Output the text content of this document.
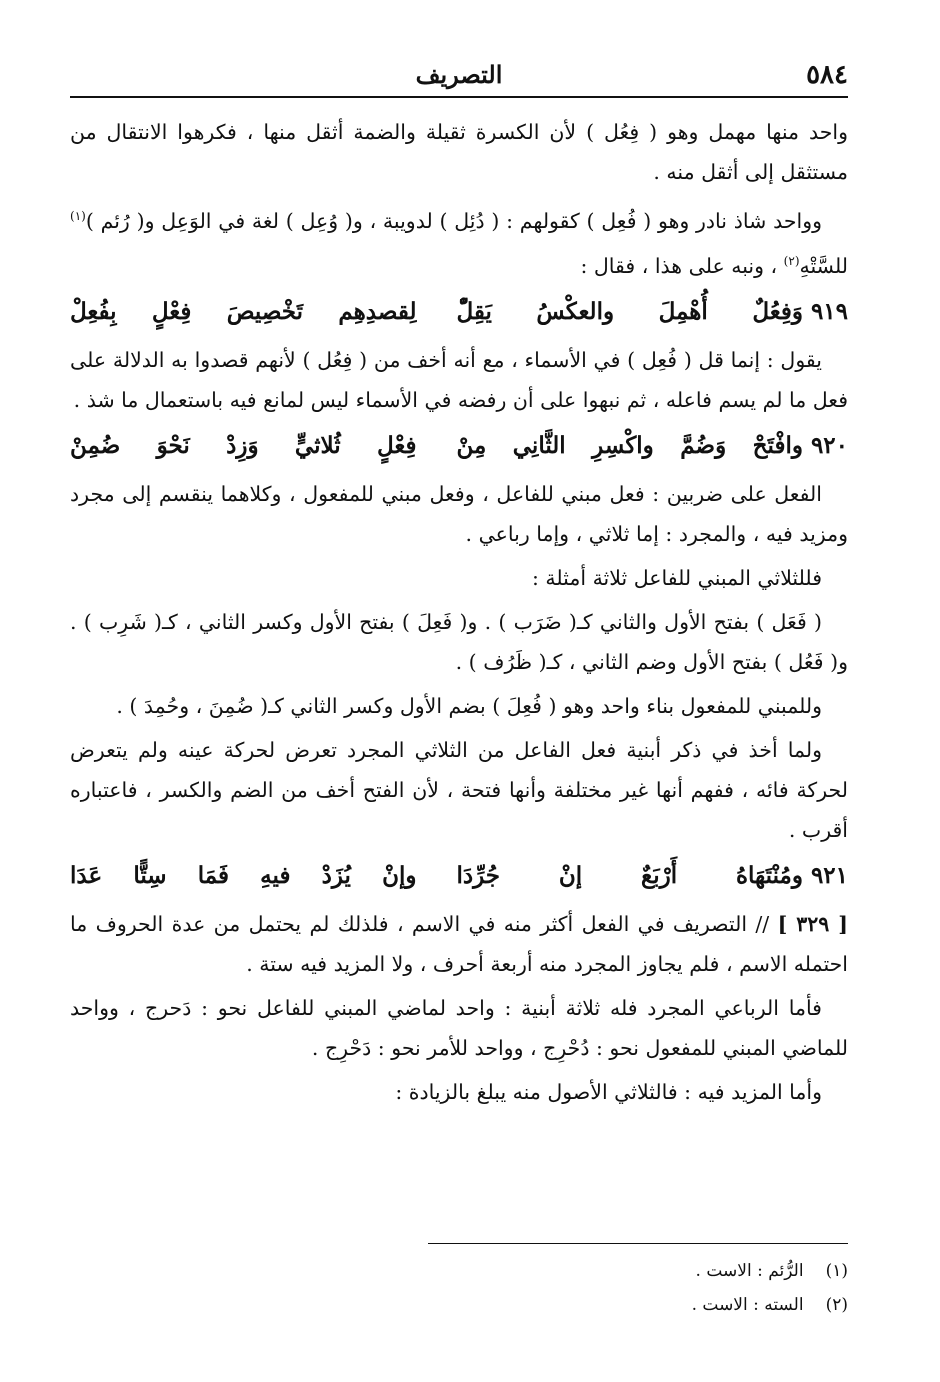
٥٨٤
التصريف

واحد منها مهمل وهو ( فِعُل ) لأن الكسرة ثقيلة والضمة أثقل منها ، فكرهوا الانتقال من مستثقل إلى أثقل منه .

وواحد شاذ نادر وهو ( فُعِل ) كقولهم : ( دُئِل ) لدويبة ، و( وُعِل ) لغة في الوَعِل و( رُئم )$^{(١)}$ للسَّتْهِ$^{(٢)}$ ، ونبه على هذا ، فقال :

٩١٩
وَفِعُلٌ أُهْمِلَ والعكْسُ يَقِلّْ
لِقصدِهِم تَخْصِيصَ فِعْلٍ بِفُعِلْ

يقول : إنما قل ( فُعِل ) في الأسماء ، مع أنه أخف من ( فِعُل ) لأنهم قصدوا به الدلالة على فعل ما لم يسم فاعله ، ثم نبهوا على أن رفضه في الأسماء ليس لمانع فيه باستعمال ما شذ .

٩٢٠
وافْتَحْ وَضُمَّ واكْسِرِ الثَّانِي مِنْ
فِعْلٍ ثُلاثيٍّ وَزِدْ نَحْوَ ضُمِنْ

الفعل على ضربين : فعل مبني للفاعل ، وفعل مبني للمفعول ، وكلاهما ينقسم إلى مجرد ومزيد فيه ، والمجرد : إما ثلاثي ، وإما رباعي .

فللثلاثي المبني للفاعل ثلاثة أمثلة :

( فَعَل ) بفتح الأول والثاني كـ( ضَرَب ) . و( فَعِلَ ) بفتح الأول وكسر الثاني ، كـ( شَرِب ) . و( فَعُل ) بفتح الأول وضم الثاني ، كـ( ظَرُف ) .

وللمبني للمفعول بناء واحد وهو ( فُعِلَ ) بضم الأول وكسر الثاني كـ( ضُمِنَ ، وحُمِدَ ) .

ولما أخذ في ذكر أبنية فعل الفاعل من الثلاثي المجرد تعرض لحركة عينه ولم يتعرض لحركة فائه ، ففهم أنها غير مختلفة وأنها فتحة ، لأن الفتح أخف من الضم والكسر ، فاعتباره أقرب .

٩٢١
ومُنْتَهَاهُ أَرْبَعٌ إنْ جُرِّدَا
وإنْ يُزَدْ فيهِ فَمَا سِتًّا عَدَا

[ ٣٢٩ ] // التصريف في الفعل أكثر منه في الاسم ، فلذلك لم يحتمل من عدة الحروف ما احتمله الاسم ، فلم يجاوز المجرد منه أربعة أحرف ، ولا المزيد فيه ستة .

فأما الرباعي المجرد فله ثلاثة أبنية : واحد لماضي المبني للفاعل نحو : دَحرج ، وواحد للماضي المبني للمفعول نحو : دُحْرِج ، وواحد للأمر نحو : دَحْرِج .

وأما المزيد فيه : فالثلاثي الأصول منه يبلغ بالزيادة :

(١)
الرُّئم : الاست .
(٢)
السته : الاست .
